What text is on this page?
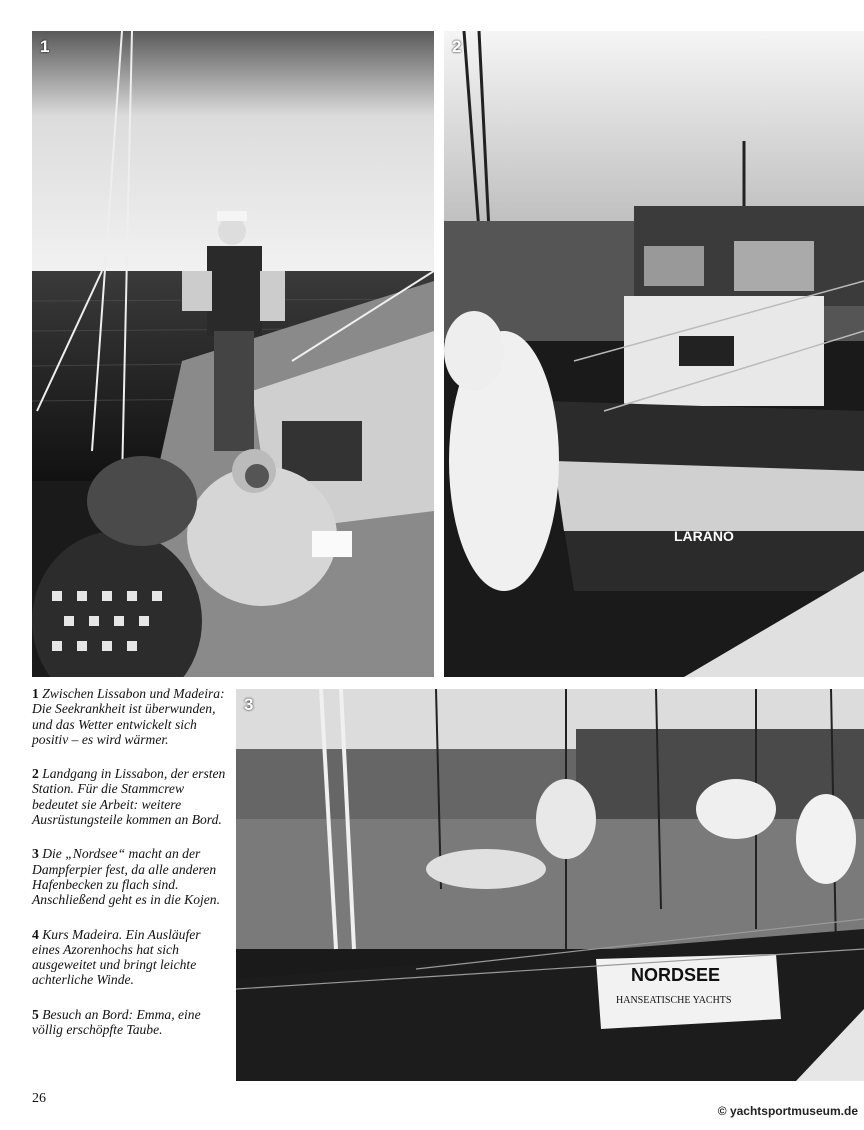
1
LARANO
2
NORDSEE
HANSEATISCHE YACHTS
3

1 Zwischen Lissabon und Madeira: Die Seekrankheit ist überwunden, und das Wetter entwickelt sich positiv – es wird wärmer.

2 Landgang in Lissabon, der ersten Station. Für die Stammcrew bedeutet sie Arbeit: weitere Ausrüstungsteile kommen an Bord.

3 Die „Nordsee“ macht an der Dampferpier fest, da alle anderen Hafenbecken zu flach sind. Anschließend geht es in die Kojen.

4 Kurs Madeira. Ein Ausläufer eines Azorenhochs hat sich ausgeweitet und bringt leichte achterliche Winde.

5 Besuch an Bord: Emma, eine völlig erschöpfte Taube.

26
© yachtsportmuseum.de
